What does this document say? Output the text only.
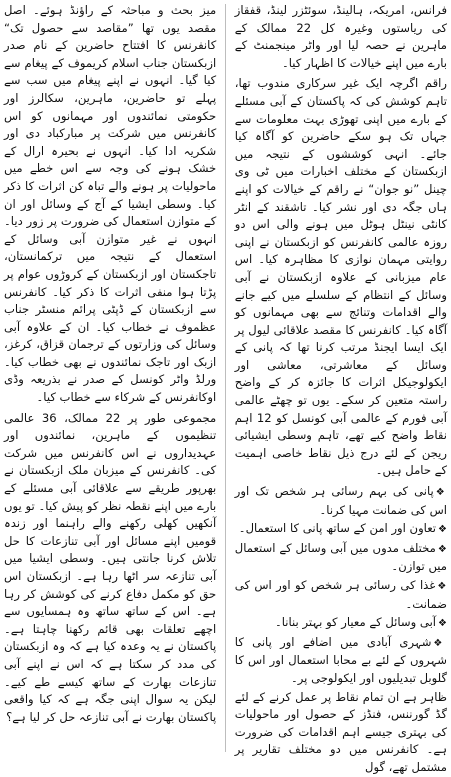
فرانس، امریکہ، ہالینڈ، سوئٹزر لینڈ، قفقاز کی ریاستوں وغیرہ کل 22 ممالک کے ماہرین نے حصہ لیا اور واٹر مینجمنٹ کے بارے میں اپنے خیالات کا اظہار کیا۔

راقم اگرچہ ایک غیر سرکاری مندوب تھا، تاہم کوشش کی کہ پاکستان کے آبی مسئلے کے بارے میں اپنی تھوڑی بہت معلومات سے جہاں تک ہو سکے حاضرین کو آگاہ کیا جائے۔ انہی کوششوں کے نتیجہ میں ازبکستان کے مختلف اخبارات میں ٹی وی چینل ”نو جوان“ نے راقم کے خیالات کو اپنے ہاں جگہ دی اور نشر کیا۔ تاشقند کے انٹر کانٹی نینٹل ہوٹل میں ہونے والی اس دو روزہ عالمی کانفرنس کو ازبکستان نے اپنی روایتی مہمان نوازی کا مظاہرہ کیا۔ اس عام میزبانی کے علاوہ ازبکستان نے آبی وسائل کے انتظام کے سلسلے میں کیے جانے والے اقدامات وتنائج سے بھی مہمانوں کو آگاہ کیا۔ کانفرنس کا مقصد علاقائی لیول پر ایک ایسا ایجنڈ مرتب کرنا تھا کہ پانی کے وسائل کے معاشرتی، معاشی اور ایکولوجیکل اثرات کا جائزہ کر کے واضح راستہ متعین کر سکے۔ یوں تو چھٹے عالمی آبی فورم کے عالمی آبی کونسل کو 12 اہم نقاط واضح کیے تھے، تاہم وسطی ایشیائی ریجن کے لئے درج ذیل نقاط خاصی اہمیت کے حامل ہیں۔

❖پانی کی بہم رسائی ہر شخص تک اور اس کی ضمانت مہیا کرنا۔
❖تعاون اور امن کے ساتھ پانی کا استعمال۔
❖مختلف مدوں میں آبی وسائل کے استعمال میں توازن۔
❖غذا کی رسائی ہر شخص کو اور اس کی ضمانت۔
❖آبی وسائل کے معیار کو بہتر بنانا۔
❖شہری آبادی میں اضافے اور پانی کا شہروں کے لئے بے محابا استعمال اور اس کا گلوبل تبدیلیوں اور ایکولوجی پر۔

ظاہر ہے ان تمام نقاط پر عمل کرنے کے لئے گڈ گورننس، فنڈز کے حصول اور ماحولیات کی بہتری جیسے اہم اقدامات کی ضرورت ہے۔ کانفرنس میں دو مختلف تقاریر پر مشتمل تھے، گول

میز بحث و مباحثہ کے راؤنڈ ہوئے۔ اصل مقصد یوں تھا ”مقاصد سے حصول تک“ کانفرنس کا افتتاح حاضرین کے نام صدر ازبکستان جناب اسلام کریموف کے پیغام سے کیا گیا۔ انہوں نے اپنے پیغام میں سب سے پہلے تو حاضرین، ماہرین، سکالرز اور حکومتی نمائندوں اور مہمانوں کو اس کانفرنس میں شرکت پر مبارکباد دی اور شکریہ ادا کیا۔ انہوں نے بحیرہ ارال کے خشک ہونے کی وجہ سے اس خطے میں ماحولیات پر ہونے والے تباہ کن اثرات کا ذکر کیا۔ وسطی ایشیا کے آج کے وسائل اور ان کے متوازن استعمال کی ضرورت پر زور دیا۔ انہوں نے غیر متوازن آبی وسائل کے استعمال کے نتیجہ میں ترکمانستان، تاجکستان اور ازبکستان کے کروڑوں عوام پر پڑتا ہوا منفی اثرات کا ذکر کیا۔ کانفرنس سے ازبکستان کے ڈپٹی پرائم منسٹر جناب عظموف نے خطاب کیا۔ ان کے علاوہ آبی وسائل کی وزارتوں کے ترجمان قزاق، کرغز، ازبک اور تاجک نمائندوں نے بھی خطاب کیا۔ ورلڈ واٹر کونسل کے صدر نے بذریعہ وڈی اوکانفرنس کے شرکاء سے خطاب کیا۔

مجموعی طور پر 22 ممالک، 36 عالمی تنظیموں کے ماہرین، نمائندوں اور عہدیداروں نے اس کانفرنس میں شرکت کی۔ کانفرنس کے میزبان ملک ازبکستان نے بھرپور طریقے سے علاقائی آبی مسئلے کے بارے میں اپنے نقطہ نظر کو پیش کیا۔ تو یوں آنکھیں کھلی رکھنے والے راہنما اور زندہ قومیں اپنے مسائل اور آبی تنازعات کا حل تلاش کرنا جانتی ہیں۔ وسطی ایشیا میں آبی تنازعہ سر اٹھا رہا ہے۔ ازبکستان اس حق کو مکمل دفاع کرنے کی کوشش کر رہا ہے۔ اس کے ساتھ ساتھ وہ ہمسایوں سے اچھے تعلقات بھی قائم رکھنا چاہتا ہے۔ پاکستان نے یہ وعدہ کیا ہے کہ وہ ازبکستان کی مدد کر سکتا ہے کہ اس نے اپنے آبی تنازعات بھارت کے ساتھ کیسے طے کیے۔ لیکن یہ سوال اپنی جگہ ہے کہ کیا واقعی پاکستان بھارت نے آبی تنازعہ حل کر لیا ہے؟
